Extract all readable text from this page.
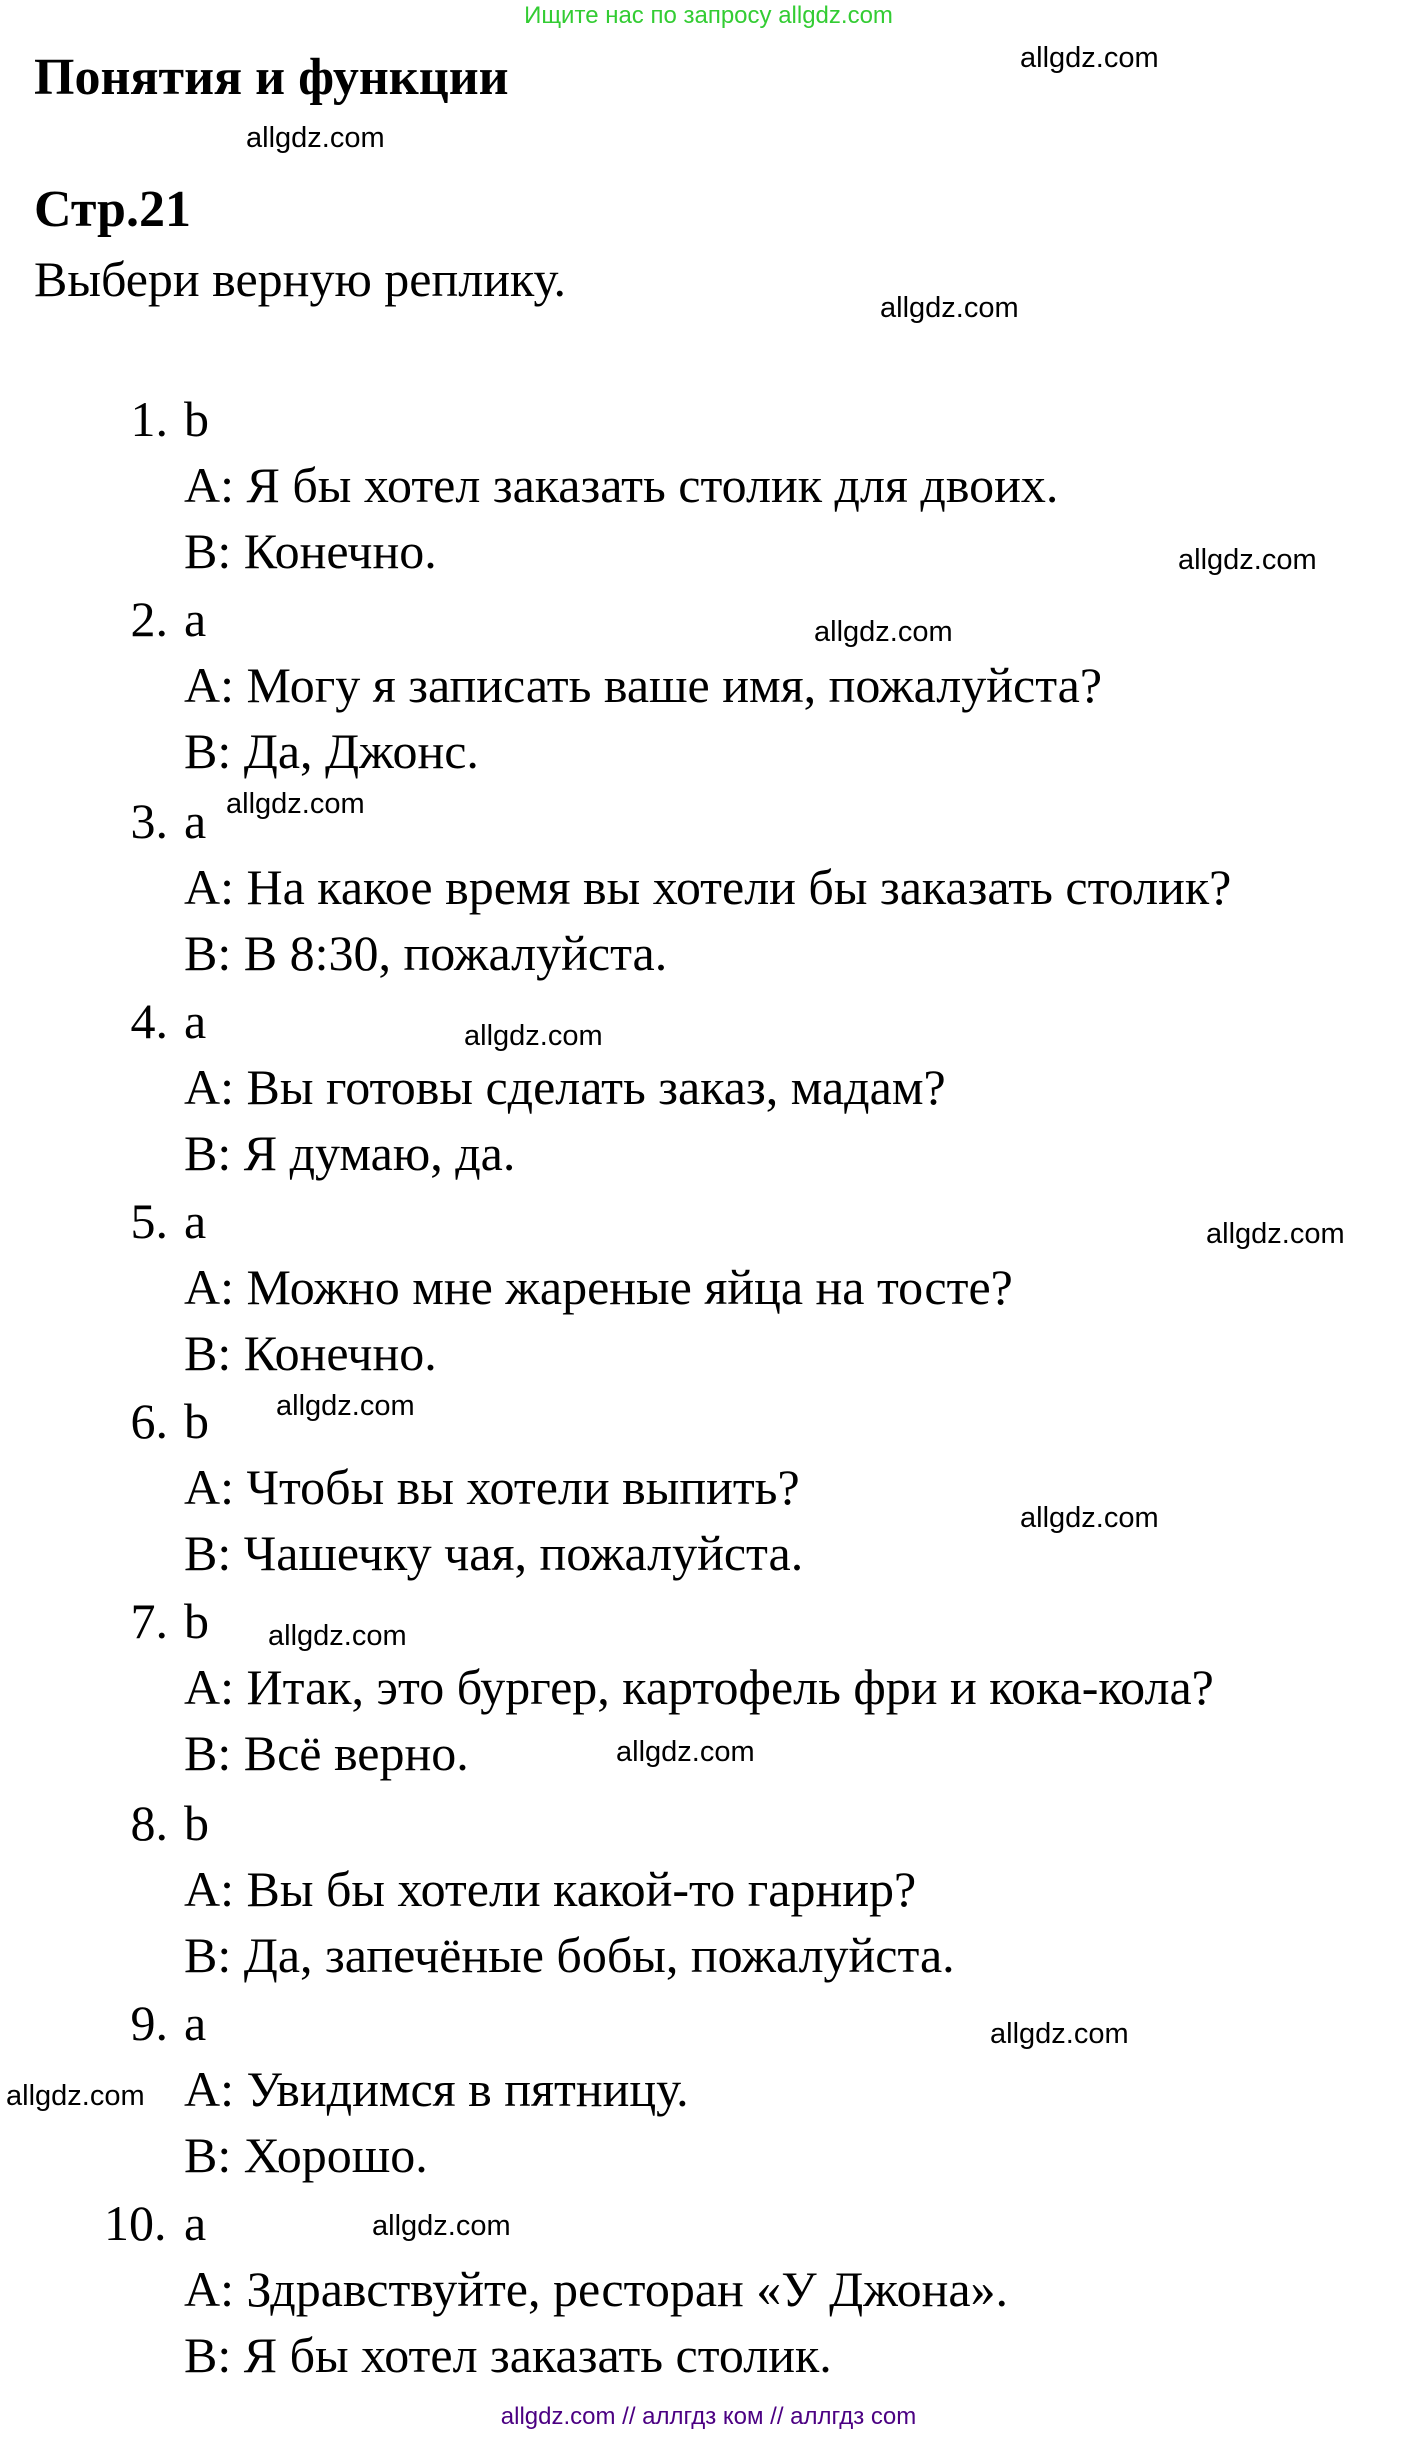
Ищите нас по запросу allgdz.com
Понятия и функции
Стр.21
Выбери верную реплику.
1. b
A: Я бы хотел заказать столик для двоих.
B: Конечно.
2. a
A: Могу я записать ваше имя, пожалуйста?
B: Да, Джонс.
3. a
A: На какое время вы хотели бы заказать столик?
B: В 8:30, пожалуйста.
4. a
A: Вы готовы сделать заказ, мадам?
B: Я думаю, да.
5. a
A: Можно мне жареные яйца на тосте?
B: Конечно.
6. b
A: Чтобы вы хотели выпить?
B: Чашечку чая, пожалуйста.
7. b
A: Итак, это бургер, картофель фри и кока-кола?
B: Всё верно.
8. b
A: Вы бы хотели какой-то гарнир?
B: Да, запечёные бобы, пожалуйста.
9. a
A: Увидимся в пятницу.
B: Хорошо.
10. a
A: Здравствуйте, ресторан «У Джона».
B: Я бы хотел заказать столик.
allgdz.com
allgdz.com
allgdz.com
allgdz.com
allgdz.com
allgdz.com
allgdz.com
allgdz.com
allgdz.com
allgdz.com
allgdz.com
allgdz.com
allgdz.com
allgdz.com
allgdz.com
allgdz.com // аллгдз ком // аллгдз com
